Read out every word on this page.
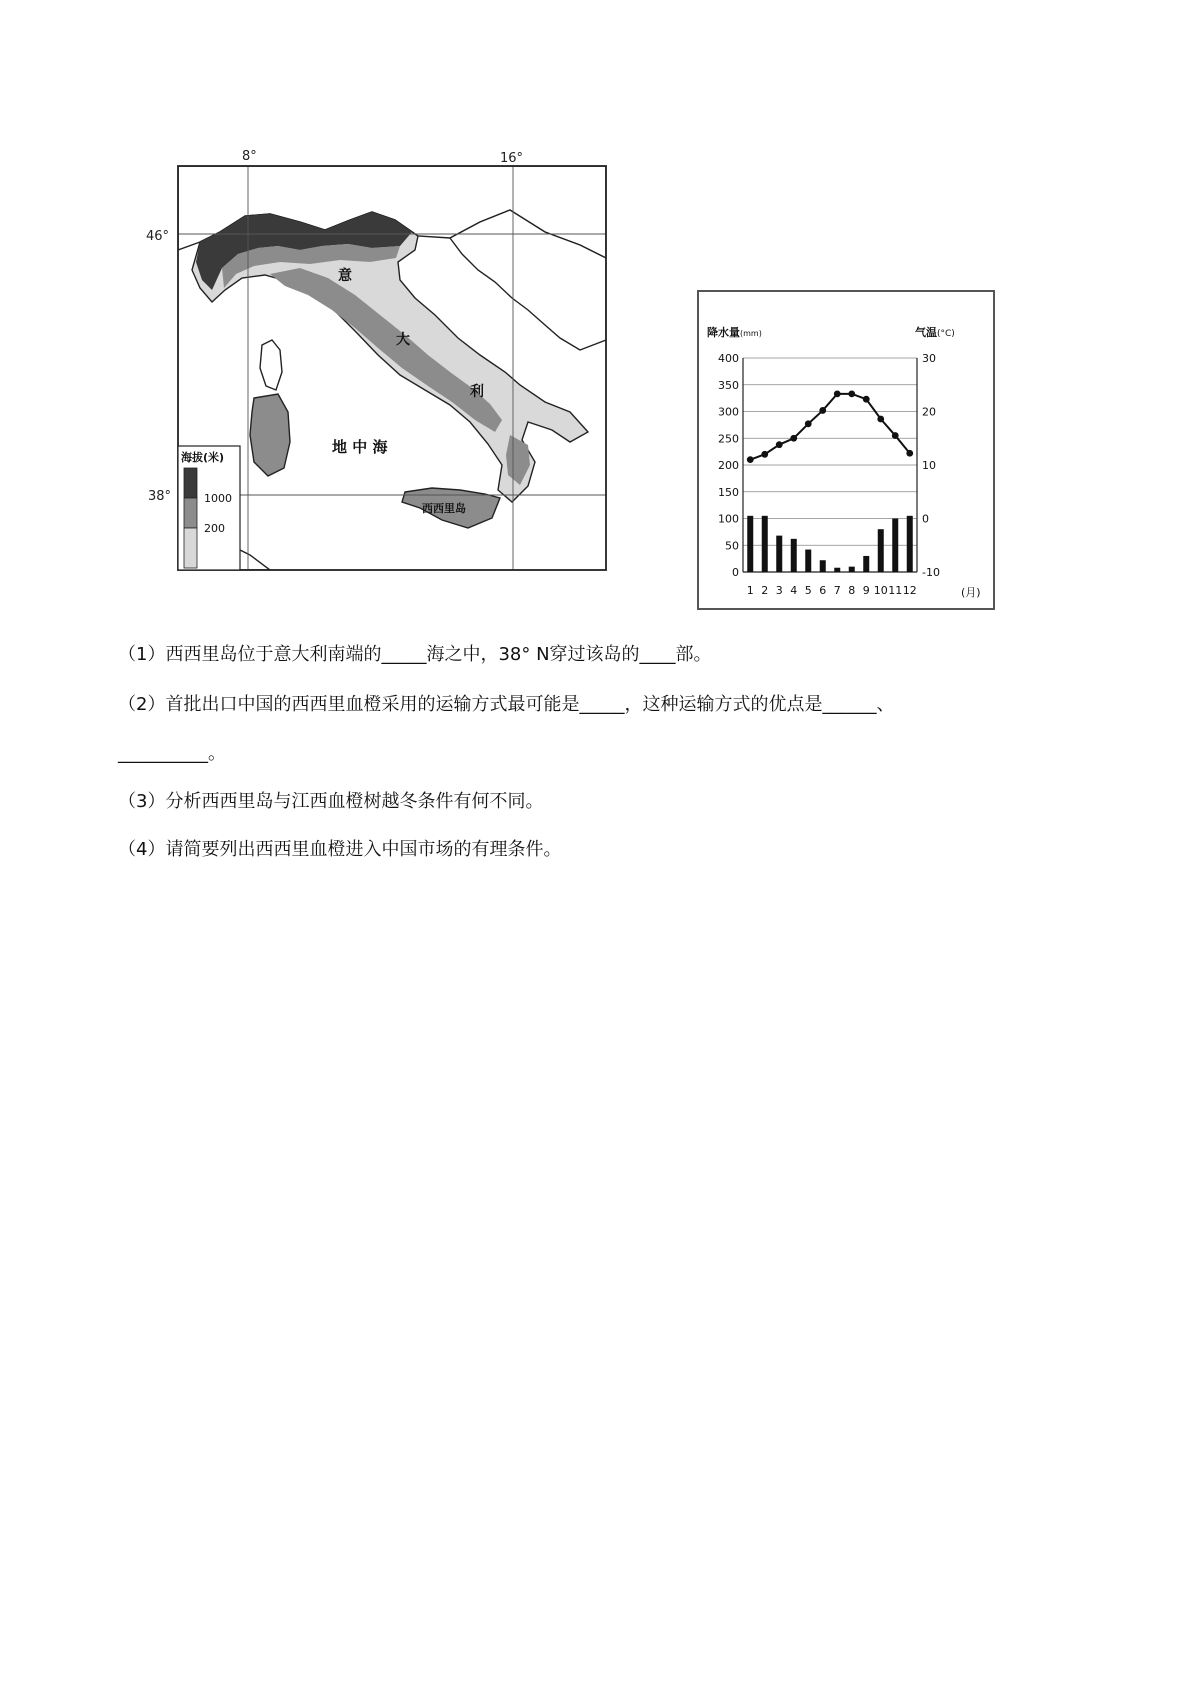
8°	16°
46°
38°
意
大
利
地 中 海
西西里岛
海拔(米)
1000
200
降水量(mm)	气温(°C)
400
350
300
250
200
150
100
50
0
30
20
10
0
-10
1 2 3 4 5 6 7 8 9 10 11 12	(月)
（1）西西里岛位于意大利南端的_____海之中，38° N穿过该岛的____部。
（2）首批出口中国的西西里血橙采用的运输方式最可能是_____，这种运输方式的优点是______、
__________。
（3）分析西西里岛与江西血橙树越冬条件有何不同。
（4）请简要列出西西里血橙进入中国市场的有理条件。
